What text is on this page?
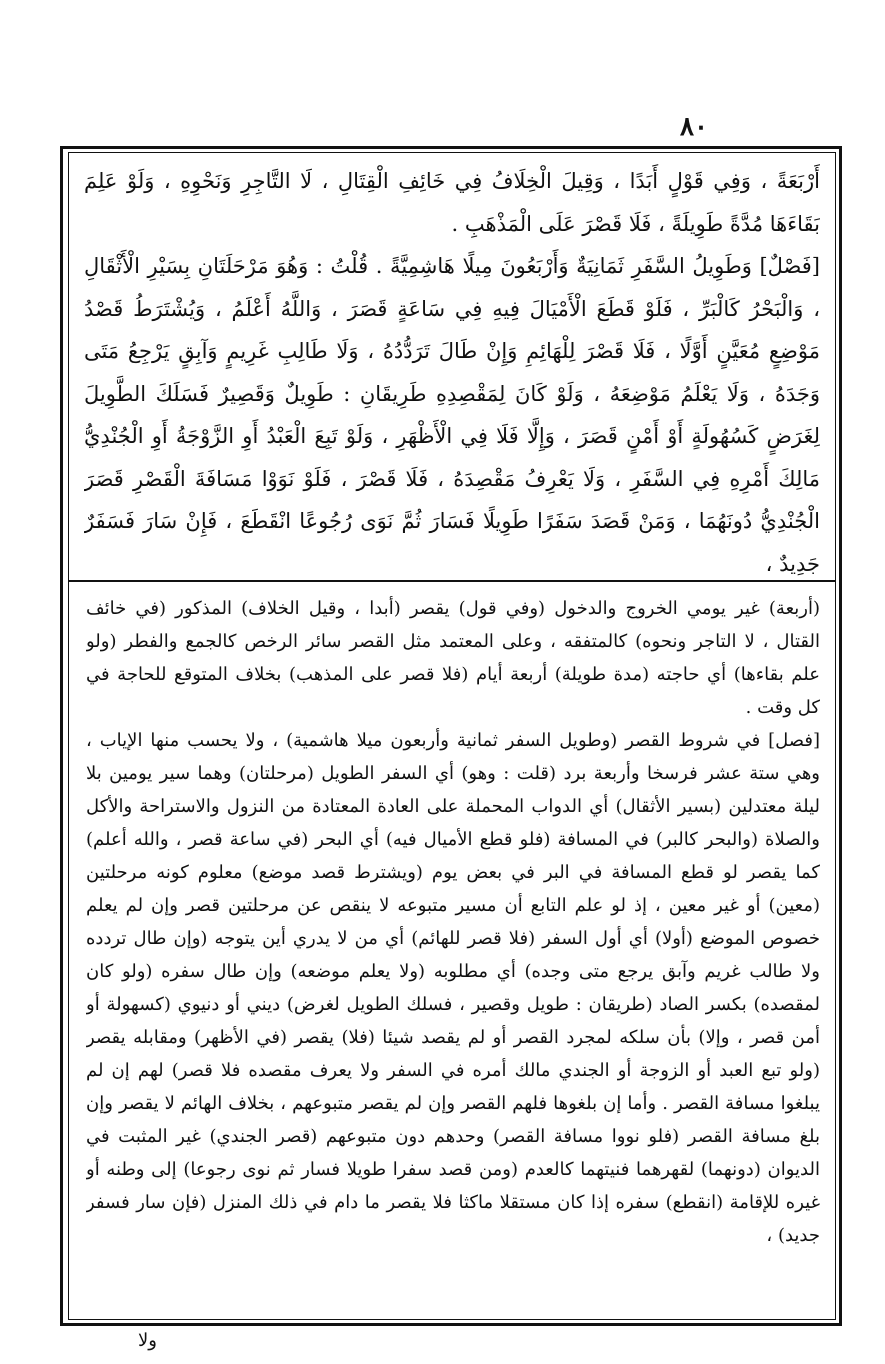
٨٠

أَرْبَعَةً ، وَفِي قَوْلٍ أَبَدًا ، وَقِيلَ الْخِلَافُ فِي خَائِفِ الْقِتَالِ ، لَا التَّاجِرِ وَنَحْوِهِ ، وَلَوْ عَلِمَ بَقَاءَهَا مُدَّةً طَوِيلَةً ، فَلَا قَصْرَ عَلَى الْمَذْهَبِ .

[فَصْلٌ] وَطَوِيلُ السَّفَرِ ثَمَانِيَةٌ وَأَرْبَعُونَ مِيلًا هَاشِمِيَّةً . قُلْتُ : وَهُوَ مَرْحَلَتَانِ بِسَيْرِ الْأَثْقَالِ ، وَالْبَحْرُ كَالْبَرِّ ، فَلَوْ قَطَعَ الْأَمْيَالَ فِيهِ فِي سَاعَةٍ قَصَرَ ، وَاللَّهُ أَعْلَمُ ، وَيُشْتَرَطُ قَصْدُ مَوْضِعٍ مُعَيَّنٍ أَوَّلًا ، فَلَا قَصْرَ لِلْهَائِمِ وَإِنْ طَالَ تَرَدُّدُهُ ، وَلَا طَالِبِ غَرِيمٍ وَآبِقٍ يَرْجِعُ مَتَى وَجَدَهُ ، وَلَا يَعْلَمُ مَوْضِعَهُ ، وَلَوْ كَانَ لِمَقْصِدِهِ طَرِيقَانِ : طَوِيلٌ وَقَصِيرٌ فَسَلَكَ الطَّوِيلَ لِغَرَضٍ كَسُهُولَةٍ أَوْ أَمْنٍ قَصَرَ ، وَإِلَّا فَلَا فِي الْأَظْهَرِ ، وَلَوْ تَبِعَ الْعَبْدُ أَوِ الزَّوْجَةُ أَوِ الْجُنْدِيُّ مَالِكَ أَمْرِهِ فِي السَّفَرِ ، وَلَا يَعْرِفُ مَقْصِدَهُ ، فَلَا قَصْرَ ، فَلَوْ نَوَوْا مَسَافَةَ الْقَصْرِ قَصَرَ الْجُنْدِيُّ دُونَهُمَا ، وَمَنْ قَصَدَ سَفَرًا طَوِيلًا فَسَارَ ثُمَّ نَوَى رُجُوعًا انْقَطَعَ ، فَإِنْ سَارَ فَسَفَرٌ جَدِيدٌ ،

(أربعة) غير يومي الخروج والدخول (وفي قول) يقصر (أبدا ، وقيل الخلاف) المذكور (في خائف القتال ، لا التاجر ونحوه) كالمتفقه ، وعلى المعتمد مثل القصر سائر الرخص كالجمع والفطر (ولو علم بقاءها) أي حاجته (مدة طويلة) أربعة أيام (فلا قصر على المذهب) بخلاف المتوقع للحاجة في كل وقت .

[فصل] في شروط القصر (وطويل السفر ثمانية وأربعون ميلا هاشمية) ، ولا يحسب منها الإياب ، وهي ستة عشر فرسخا وأربعة برد (قلت : وهو) أي السفر الطويل (مرحلتان) وهما سير يومين بلا ليلة معتدلين (بسير الأثقال) أي الدواب المحملة على العادة المعتادة من النزول والاستراحة والأكل والصلاة (والبحر كالبر) في المسافة (فلو قطع الأميال فيه) أي البحر (في ساعة قصر ، والله أعلم) كما يقصر لو قطع المسافة في البر في بعض يوم (ويشترط قصد موضع) معلوم كونه مرحلتين (معين) أو غير معين ، إذ لو علم التابع أن مسير متبوعه لا ينقص عن مرحلتين قصر وإن لم يعلم خصوص الموضع (أولا) أي أول السفر (فلا قصر للهائم) أي من لا يدري أين يتوجه (وإن طال تردده ولا طالب غريم وآبق يرجع متى وجده) أي مطلوبه (ولا يعلم موضعه) وإن طال سفره (ولو كان لمقصده) بكسر الصاد (طريقان : طويل وقصير ، فسلك الطويل لغرض) ديني أو دنيوي (كسهولة أو أمن قصر ، وإلا) بأن سلكه لمجرد القصر أو لم يقصد شيئا (فلا) يقصر (في الأظهر) ومقابله يقصر (ولو تبع العبد أو الزوجة أو الجندي مالك أمره في السفر ولا يعرف مقصده فلا قصر) لهم إن لم يبلغوا مسافة القصر . وأما إن بلغوها فلهم القصر وإن لم يقصر متبوعهم ، بخلاف الهائم لا يقصر وإن بلغ مسافة القصر (فلو نووا مسافة القصر) وحدهم دون متبوعهم (قصر الجندي) غير المثبت في الديوان (دونهما) لقهرهما فنيتهما كالعدم (ومن قصد سفرا طويلا فسار ثم نوى رجوعا) إلى وطنه أو غيره للإقامة (انقطع) سفره إذا كان مستقلا ماكثا فلا يقصر ما دام في ذلك المنزل (فإن سار فسفر جديد) ،

ولا
